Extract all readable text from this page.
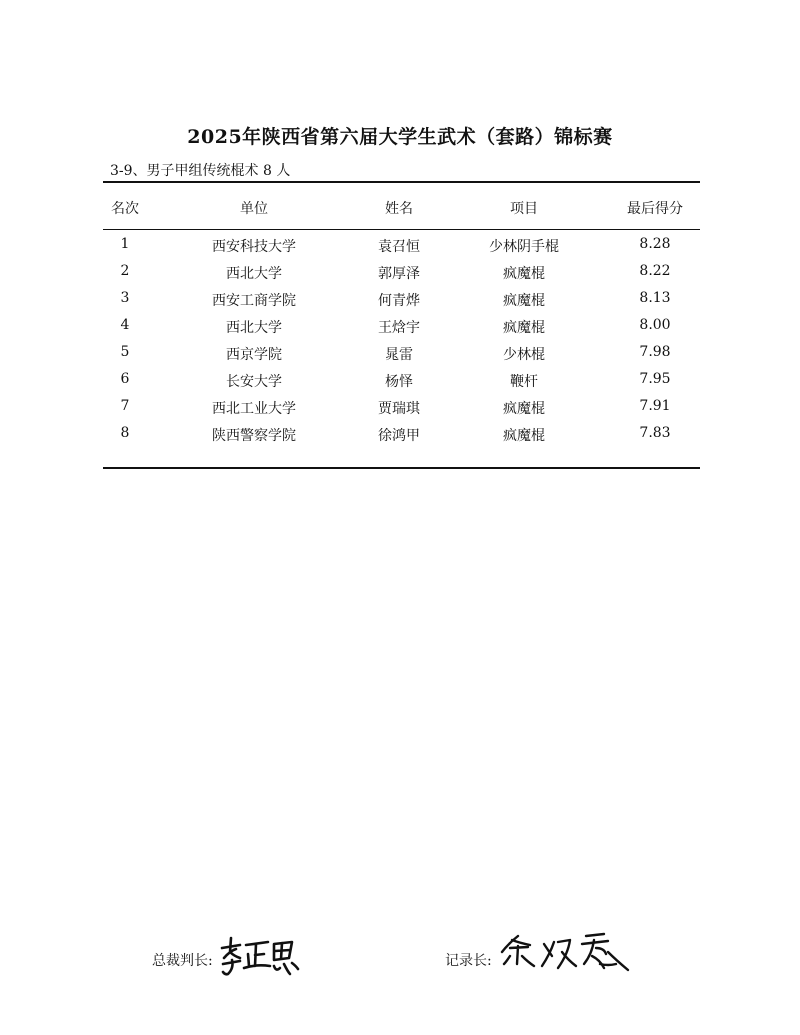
2025年陕西省第六届大学生武术（套路）锦标赛
3-9、男子甲组传统棍术 8 人
名次	单位	姓名	项目	最后得分
1	西安科技大学	袁召恒	少林阴手棍	8.28
2	西北大学	郭厚泽	疯魔棍	8.22
3	西安工商学院	何青烨	疯魔棍	8.13
4	西北大学	王焓宇	疯魔棍	8.00
5	西京学院	晁雷	少林棍	7.98
6	长安大学	杨怿	鞭杆	7.95
7	西北工业大学	贾瑞琪	疯魔棍	7.91
8	陕西警察学院	徐鸿甲	疯魔棍	7.83
总裁判长:	记录长:
